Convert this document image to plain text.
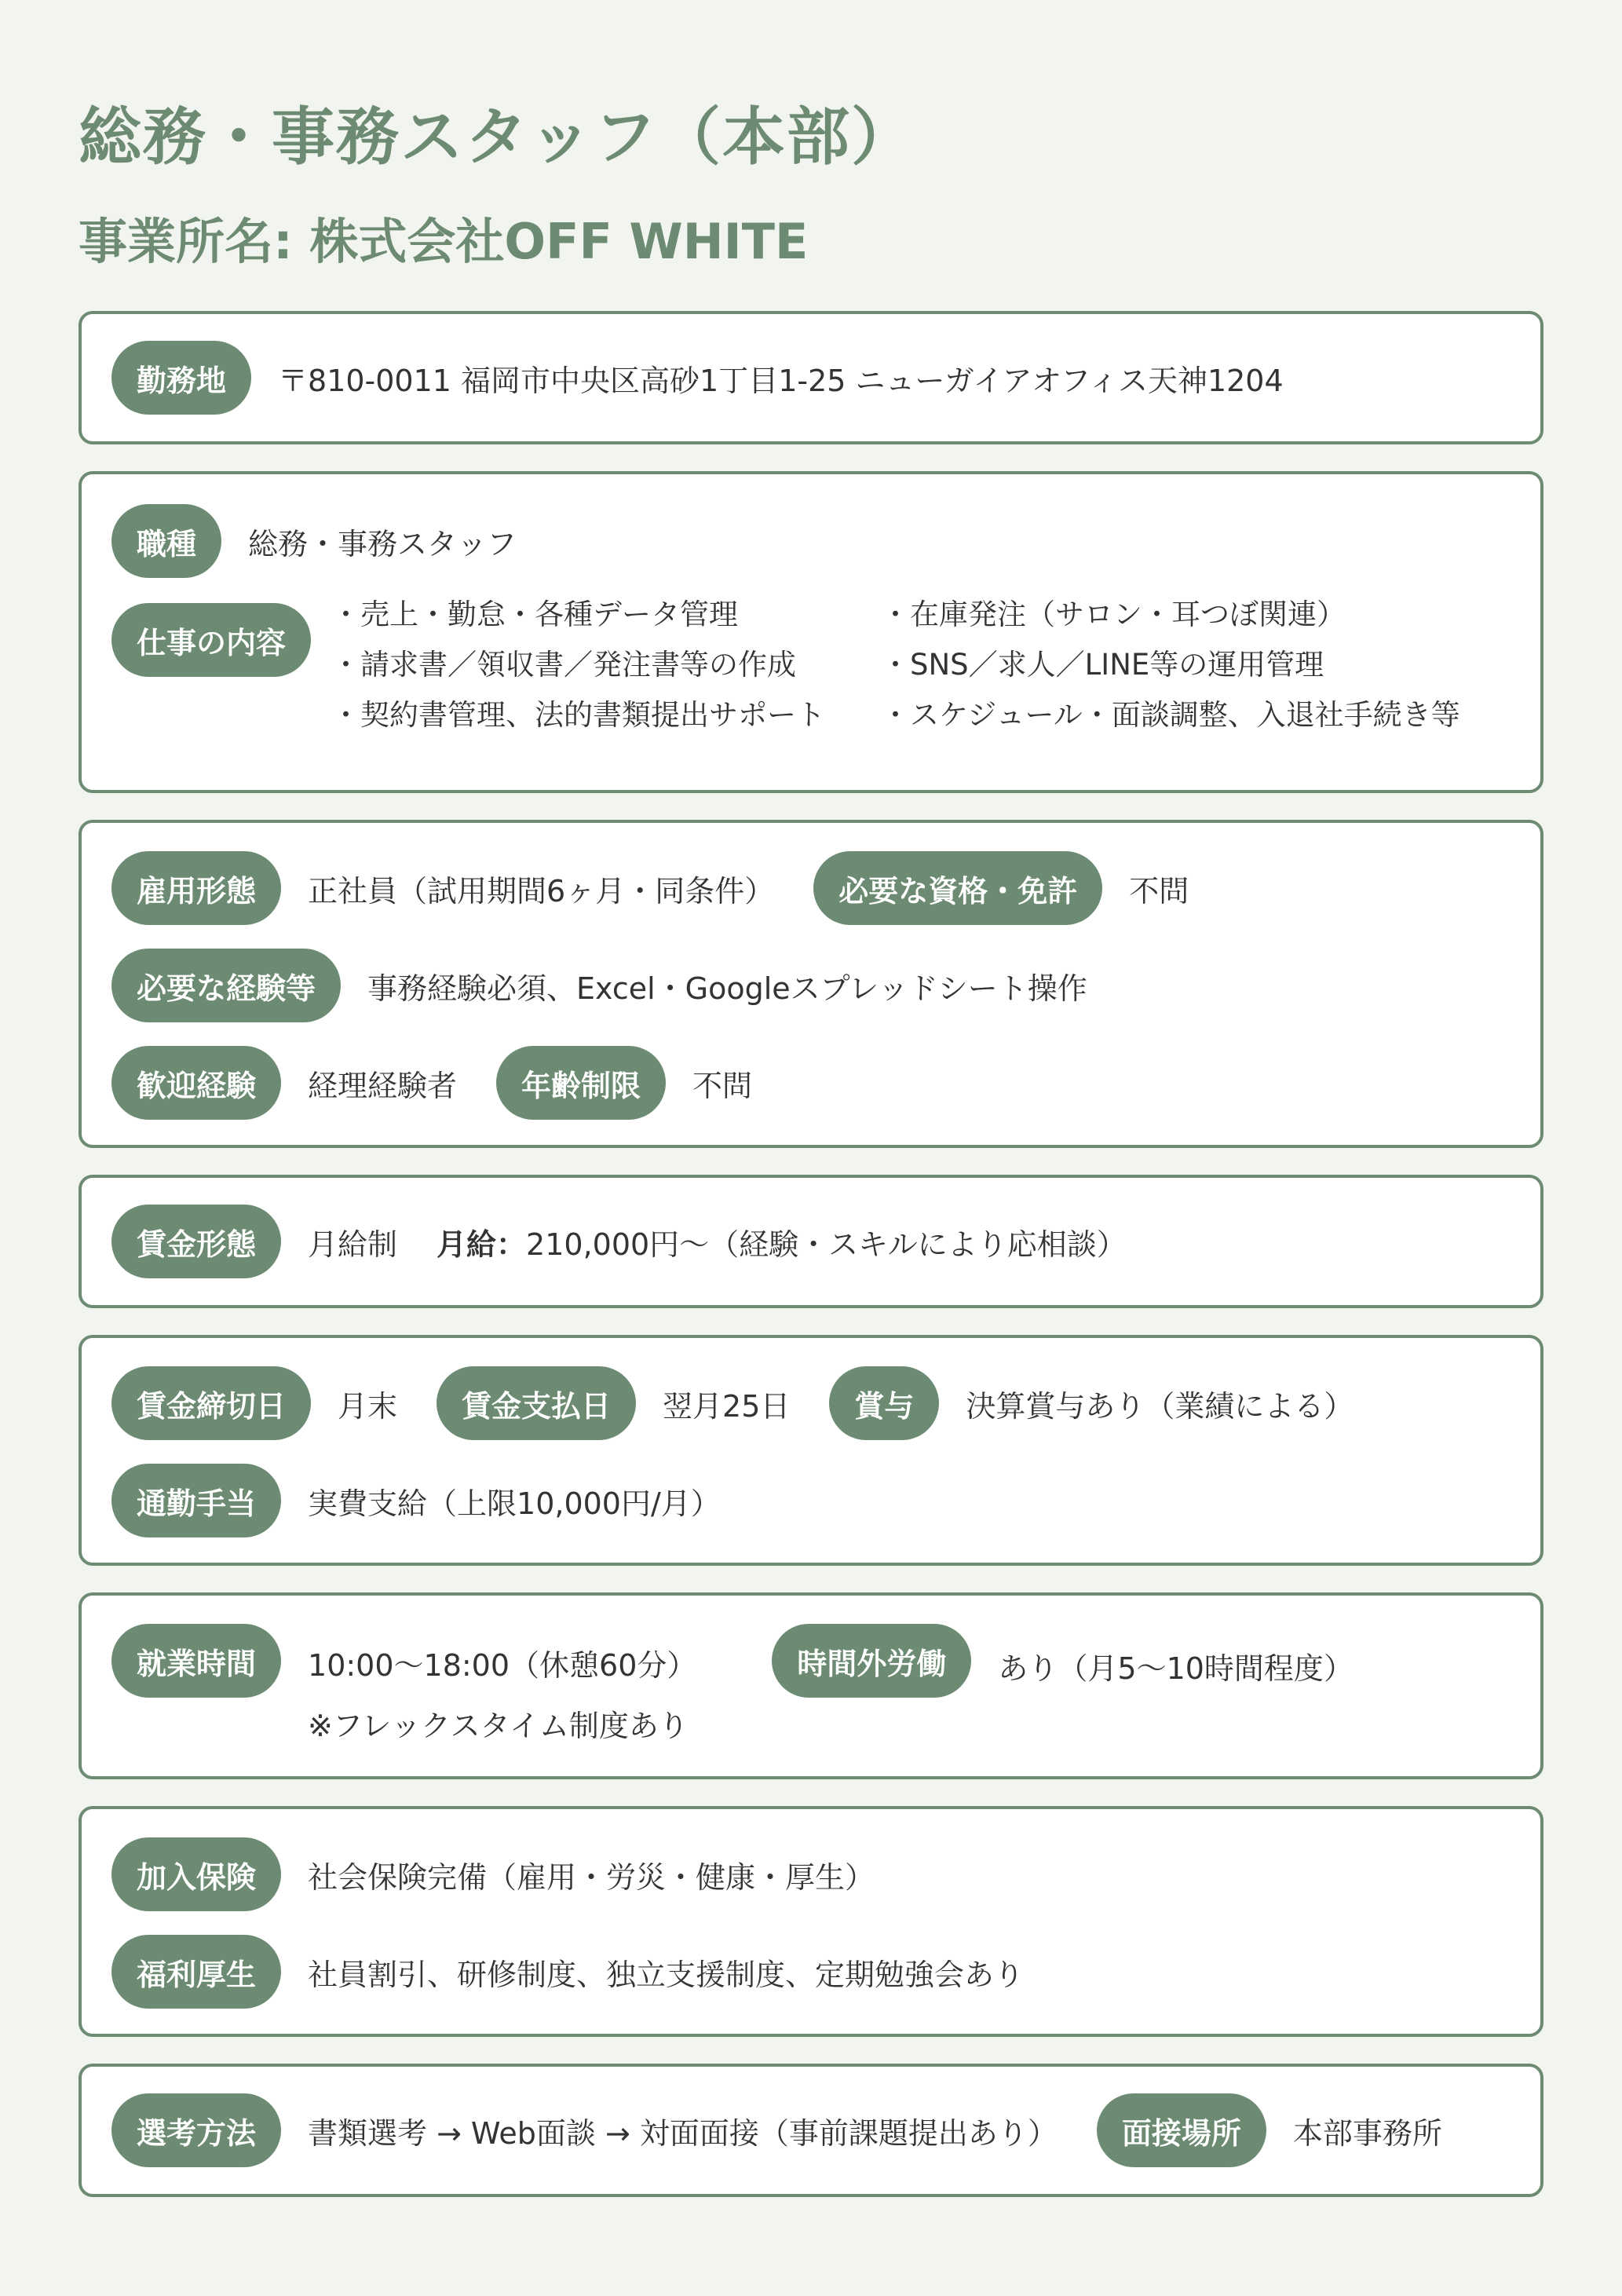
総務・事務スタッフ（本部）
事業所名: 株式会社OFF WHITE
勤務地	〒810-0011 福岡市中央区高砂1丁目1-25 ニューガイアオフィス天神1204
職種	総務・事務スタッフ
仕事の内容
・売上・勤怠・各種データ管理	・在庫発注（サロン・耳つぼ関連）
・請求書／領収書／発注書等の作成	・SNS／求人／LINE等の運用管理
・契約書管理、法的書類提出サポート	・スケジュール・面談調整、入退社手続き等
雇用形態	正社員（試用期間6ヶ月・同条件）	必要な資格・免許	不問
必要な経験等	事務経験必須、Excel・Googleスプレッドシート操作
歓迎経験	経理経験者	年齢制限	不問
賃金形態	月給制 月給：210,000円〜（経験・スキルにより応相談）
賃金締切日	月末	賃金支払日	翌月25日	賞与	決算賞与あり（業績による）
通勤手当	実費支給（上限10,000円/月）
就業時間	10:00〜18:00（休憩60分）
※フレックスタイム制度あり
時間外労働	あり（月5〜10時間程度）
加入保険	社会保険完備（雇用・労災・健康・厚生）
福利厚生	社員割引、研修制度、独立支援制度、定期勉強会あり
選考方法	書類選考 → Web面談 → 対面面接（事前課題提出あり）	面接場所	本部事務所
